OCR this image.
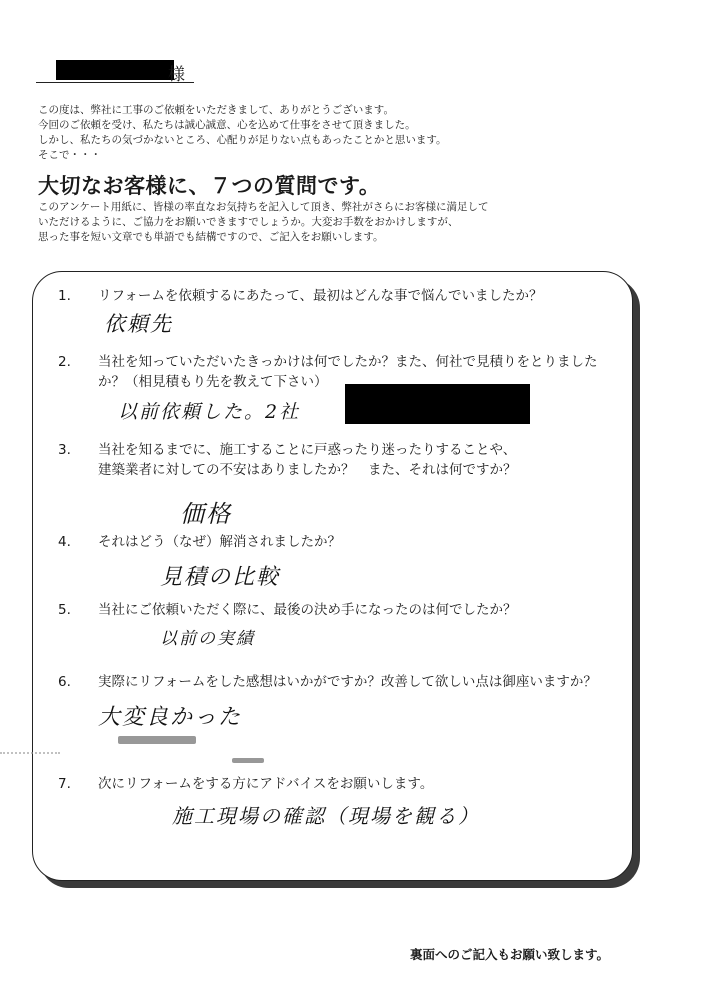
様
この度は、弊社に工事のご依頼をいただきまして、ありがとうございます。
今回のご依頼を受け、私たちは誠心誠意、心を込めて仕事をさせて頂きました。
しかし、私たちの気づかないところ、心配りが足りない点もあったことかと思います。
そこで・・・
大切なお客様に、７つの質問です。
このアンケート用紙に、皆様の率直なお気持ちを記入して頂き、弊社がさらにお客様に満足して
いただけるように、ご協力をお願いできますでしょうか。大変お手数をおかけしますが、
思った事を短い文章でも単語でも結構ですので、ご記入をお願いします。
1.	リフォームを依頼するにあたって、最初はどんな事で悩んでいましたか？
依頼先
2.	当社を知っていただいたきっかけは何でしたか？また、何社で見積りをとりました
か？（相見積もり先を教えて下さい）
以前依頼した。2社
3.	当社を知るまでに、施工することに戸惑ったり迷ったりすることや、
建築業者に対しての不安はありましたか？　また、それは何ですか？
価格
4.	それはどう（なぜ）解消されましたか？
見積の比較
5.	当社にご依頼いただく際に、最後の決め手になったのは何でしたか？
以前の実績
6.	実際にリフォームをした感想はいかがですか？改善して欲しい点は御座いますか？
大変良かった
7.	次にリフォームをする方にアドバイスをお願いします。
施工現場の確認（現場を観る）
裏面へのご記入もお願い致します。
